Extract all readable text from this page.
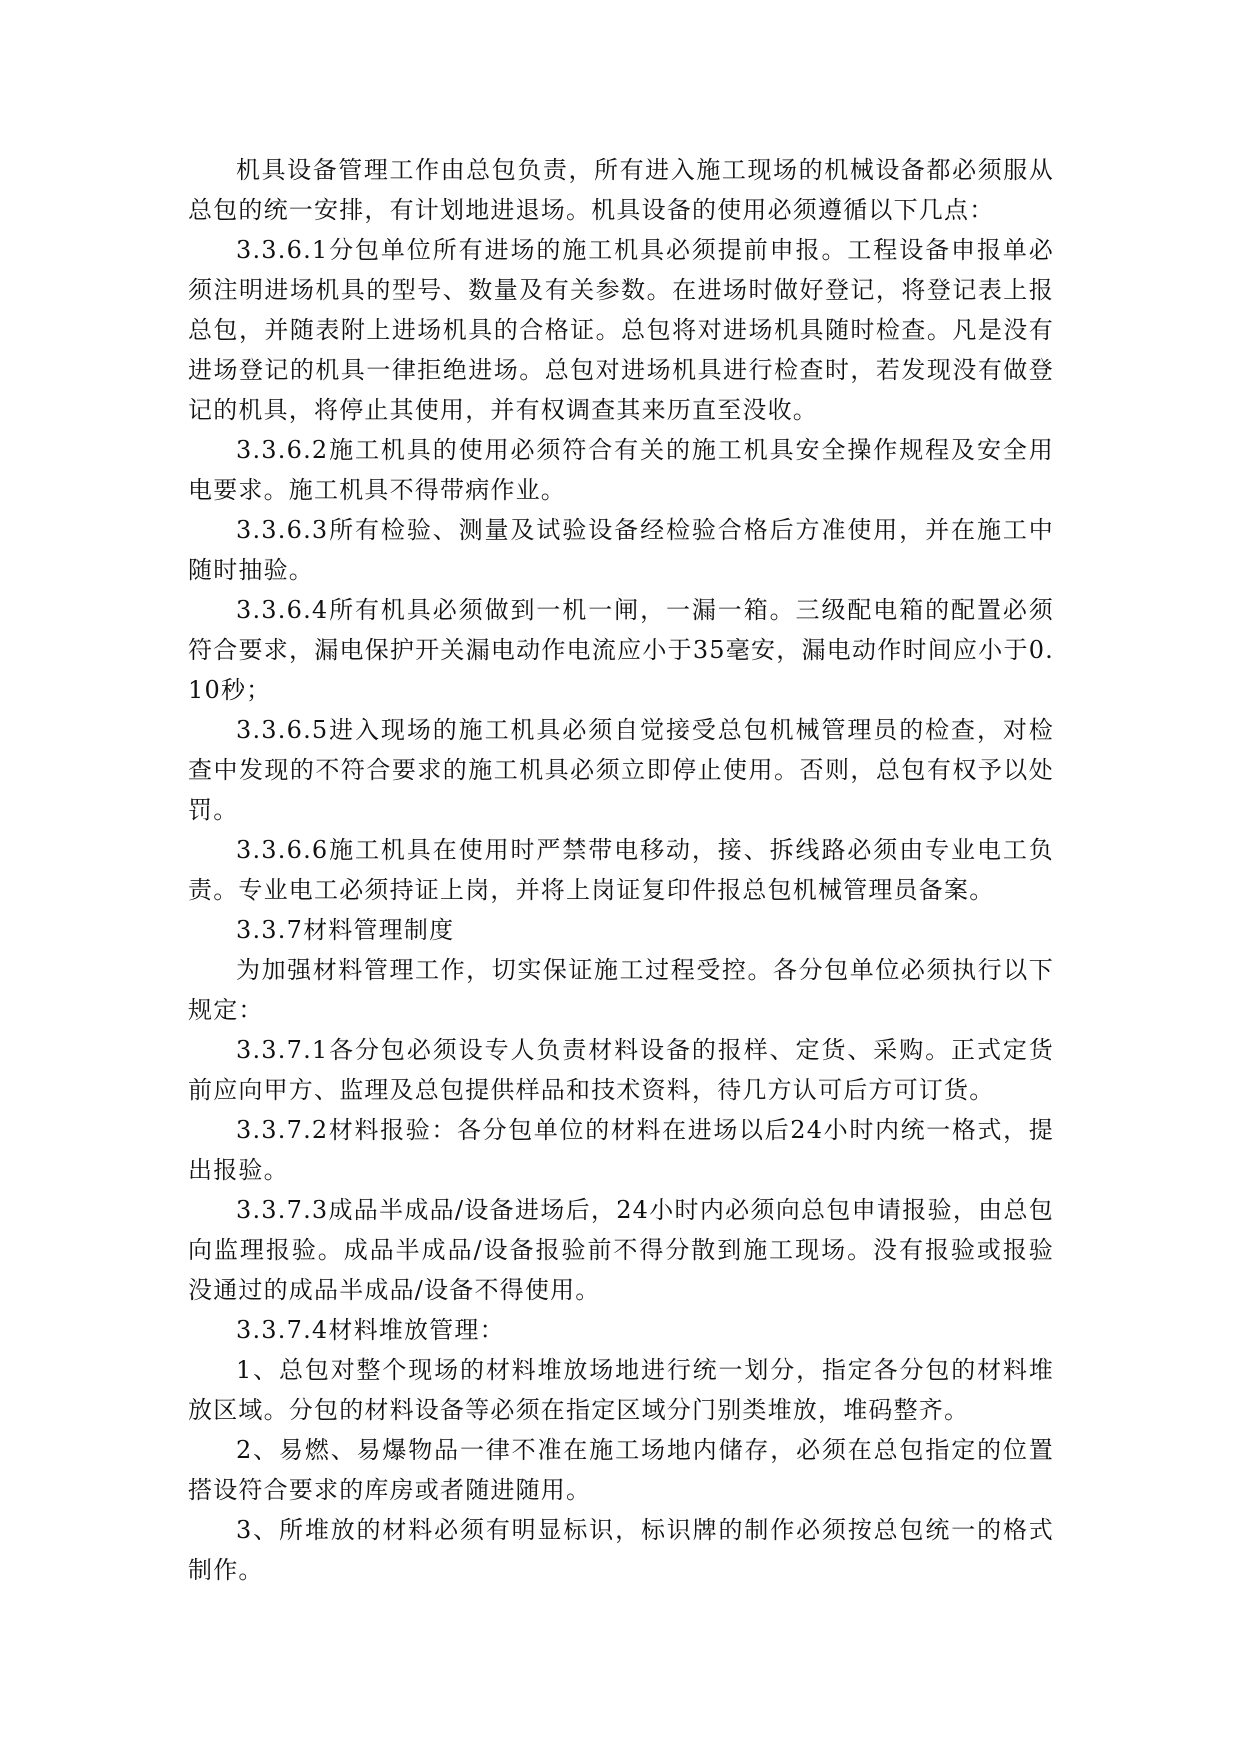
机具设备管理工作由总包负责，所有进入施工现场的机械设备都必须服从总包的统一安排，有计划地进退场。机具设备的使用必须遵循以下几点：

3.3.6.1分包单位所有进场的施工机具必须提前申报。工程设备申报单必须注明进场机具的型号、数量及有关参数。在进场时做好登记，将登记表上报总包，并随表附上进场机具的合格证。总包将对进场机具随时检查。凡是没有进场登记的机具一律拒绝进场。总包对进场机具进行检查时，若发现没有做登记的机具，将停止其使用，并有权调查其来历直至没收。

3.3.6.2施工机具的使用必须符合有关的施工机具安全操作规程及安全用电要求。施工机具不得带病作业。

3.3.6.3所有检验、测量及试验设备经检验合格后方准使用，并在施工中随时抽验。

3.3.6.4所有机具必须做到一机一闸，一漏一箱。三级配电箱的配置必须符合要求，漏电保护开关漏电动作电流应小于35毫安，漏电动作时间应小于0.10秒；

3.3.6.5进入现场的施工机具必须自觉接受总包机械管理员的检查，对检查中发现的不符合要求的施工机具必须立即停止使用。否则，总包有权予以处罚。

3.3.6.6施工机具在使用时严禁带电移动，接、拆线路必须由专业电工负责。专业电工必须持证上岗，并将上岗证复印件报总包机械管理员备案。

3.3.7材料管理制度

为加强材料管理工作，切实保证施工过程受控。各分包单位必须执行以下规定：

3.3.7.1各分包必须设专人负责材料设备的报样、定货、采购。正式定货前应向甲方、监理及总包提供样品和技术资料，待几方认可后方可订货。

3.3.7.2材料报验：各分包单位的材料在进场以后24小时内统一格式，提出报验。

3.3.7.3成品半成品/设备进场后，24小时内必须向总包申请报验，由总包向监理报验。成品半成品/设备报验前不得分散到施工现场。没有报验或报验没通过的成品半成品/设备不得使用。

3.3.7.4材料堆放管理：

1、总包对整个现场的材料堆放场地进行统一划分，指定各分包的材料堆放区域。分包的材料设备等必须在指定区域分门别类堆放，堆码整齐。

2、易燃、易爆物品一律不准在施工场地内储存，必须在总包指定的位置搭设符合要求的库房或者随进随用。

3、所堆放的材料必须有明显标识，标识牌的制作必须按总包统一的格式制作。
